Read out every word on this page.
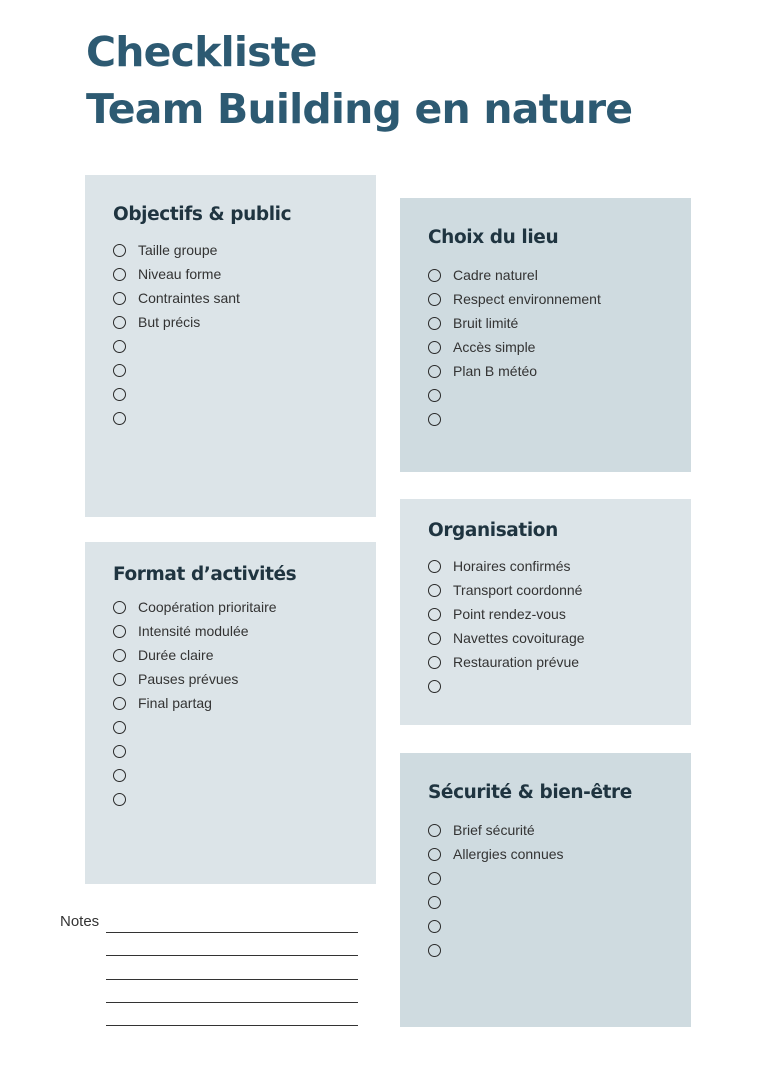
Checkliste
Team Building en nature
Objectifs & public
Taille groupe
Niveau forme
Contraintes sant
But précis
Choix du lieu
Cadre naturel
Respect environnement
Bruit limité
Accès simple
Plan B météo
Format d’activités
Coopération prioritaire
Intensité modulée
Durée claire
Pauses prévues
Final partag
Organisation
Horaires confirmés
Transport coordonné
Point rendez-vous
Navettes covoiturage
Restauration prévue
Sécurité & bien-être
Brief sécurité
Allergies connues
Notes
